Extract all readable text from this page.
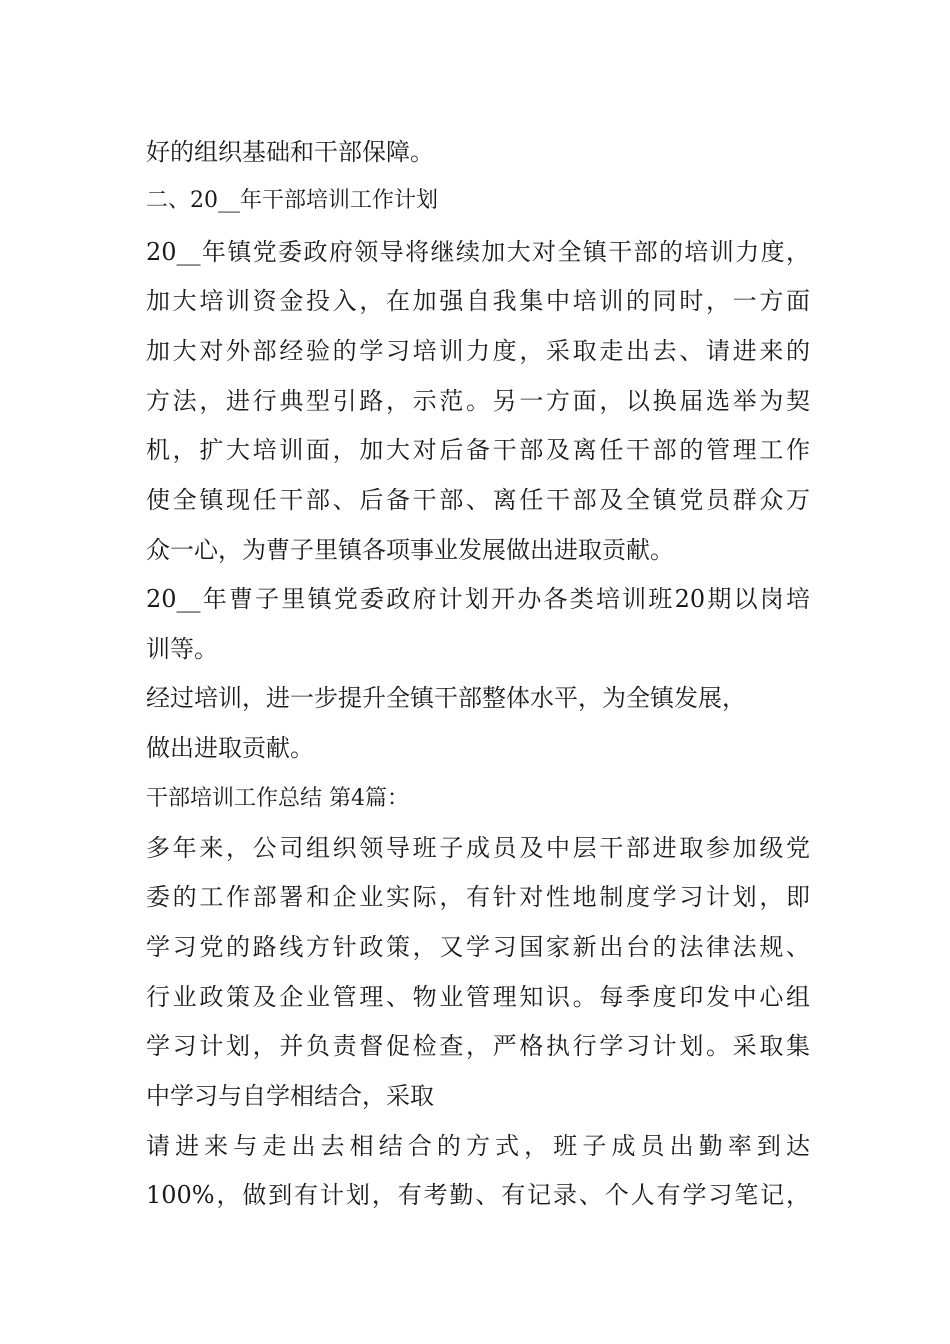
好的组织基础和干部保障。

二、20__年干部培训工作计划

20__年镇党委政府领导将继续加大对全镇干部的培训力度，

加大培训资金投入，在加强自我集中培训的同时，一方面

加大对外部经验的学习培训力度，采取走出去、请进来的

方法，进行典型引路，示范。另一方面，以换届选举为契

机，扩大培训面，加大对后备干部及离任干部的管理工作

使全镇现任干部、后备干部、离任干部及全镇党员群众万

众一心，为曹子里镇各项事业发展做出进取贡献。

20__年曹子里镇党委政府计划开办各类培训班20期以岗培

训等。

经过培训，进一步提升全镇干部整体水平，为全镇发展，

做出进取贡献。

干部培训工作总结 第4篇：

多年来，公司组织领导班子成员及中层干部进取参加级党

委的工作部署和企业实际，有针对性地制度学习计划，即

学习党的路线方针政策，又学习国家新出台的法律法规、

行业政策及企业管理、物业管理知识。每季度印发中心组

学习计划，并负责督促检查，严格执行学习计划。采取集

中学习与自学相结合，采取

请进来与走出去相结合的方式，班子成员出勤率到达

100%，做到有计划，有考勤、有记录、个人有学习笔记，
